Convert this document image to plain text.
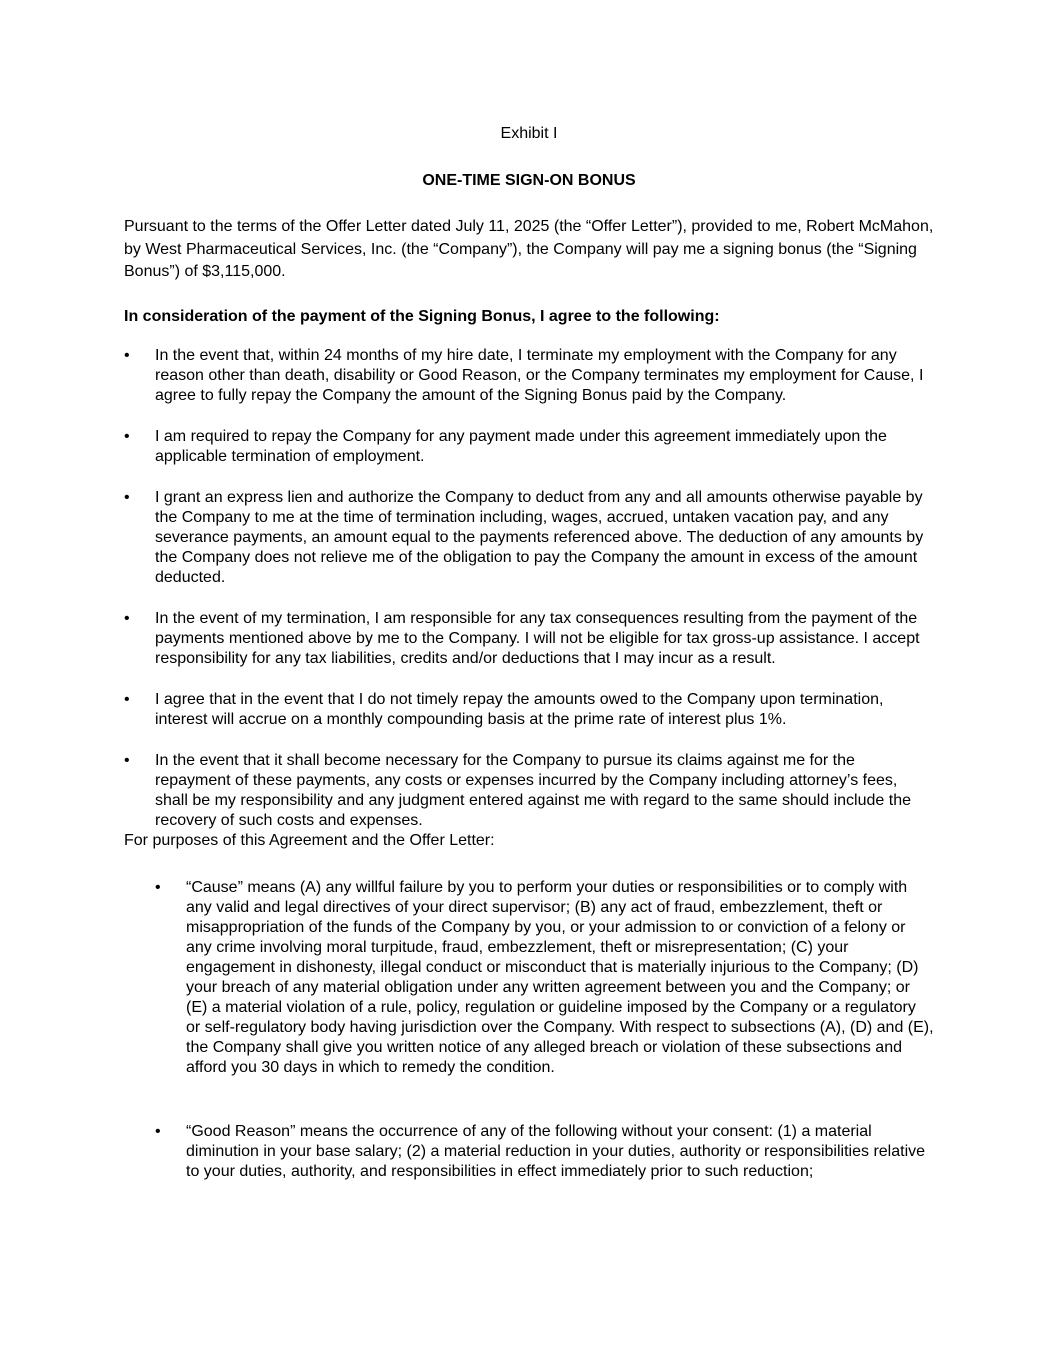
Exhibit I

ONE-TIME SIGN-ON BONUS

Pursuant to the terms of the Offer Letter dated July 11, 2025 (the “Offer Letter”), provided to me, Robert McMahon, by West Pharmaceutical Services, Inc. (the “Company”), the Company will pay me a signing bonus (the “Signing Bonus”) of $3,115,000.

In consideration of the payment of the Signing Bonus, I agree to the following:

• In the event that, within 24 months of my hire date, I terminate my employment with the Company for any reason other than death, disability or Good Reason, or the Company terminates my employment for Cause, I agree to fully repay the Company the amount of the Signing Bonus paid by the Company.
• I am required to repay the Company for any payment made under this agreement immediately upon the applicable termination of employment.
• I grant an express lien and authorize the Company to deduct from any and all amounts otherwise payable by the Company to me at the time of termination including, wages, accrued, untaken vacation pay, and any severance payments, an amount equal to the payments referenced above. The deduction of any amounts by the Company does not relieve me of the obligation to pay the Company the amount in excess of the amount deducted.
• In the event of my termination, I am responsible for any tax consequences resulting from the payment of the payments mentioned above by me to the Company. I will not be eligible for tax gross-up assistance. I accept responsibility for any tax liabilities, credits and/or deductions that I may incur as a result.
• I agree that in the event that I do not timely repay the amounts owed to the Company upon termination, interest will accrue on a monthly compounding basis at the prime rate of interest plus 1%.
• In the event that it shall become necessary for the Company to pursue its claims against me for the repayment of these payments, any costs or expenses incurred by the Company including attorney’s fees, shall be my responsibility and any judgment entered against me with regard to the same should include the recovery of such costs and expenses.

For purposes of this Agreement and the Offer Letter:

• “Cause” means (A) any willful failure by you to perform your duties or responsibilities or to comply with any valid and legal directives of your direct supervisor; (B) any act of fraud, embezzlement, theft or misappropriation of the funds of the Company by you, or your admission to or conviction of a felony or any crime involving moral turpitude, fraud, embezzlement, theft or misrepresentation; (C) your engagement in dishonesty, illegal conduct or misconduct that is materially injurious to the Company; (D) your breach of any material obligation under any written agreement between you and the Company; or (E) a material violation of a rule, policy, regulation or guideline imposed by the Company or a regulatory or self-regulatory body having jurisdiction over the Company. With respect to subsections (A), (D) and (E), the Company shall give you written notice of any alleged breach or violation of these subsections and afford you 30 days in which to remedy the condition.
• “Good Reason” means the occurrence of any of the following without your consent: (1) a material diminution in your base salary; (2) a material reduction in your duties, authority or responsibilities relative to your duties, authority, and responsibilities in effect immediately prior to such reduction;
